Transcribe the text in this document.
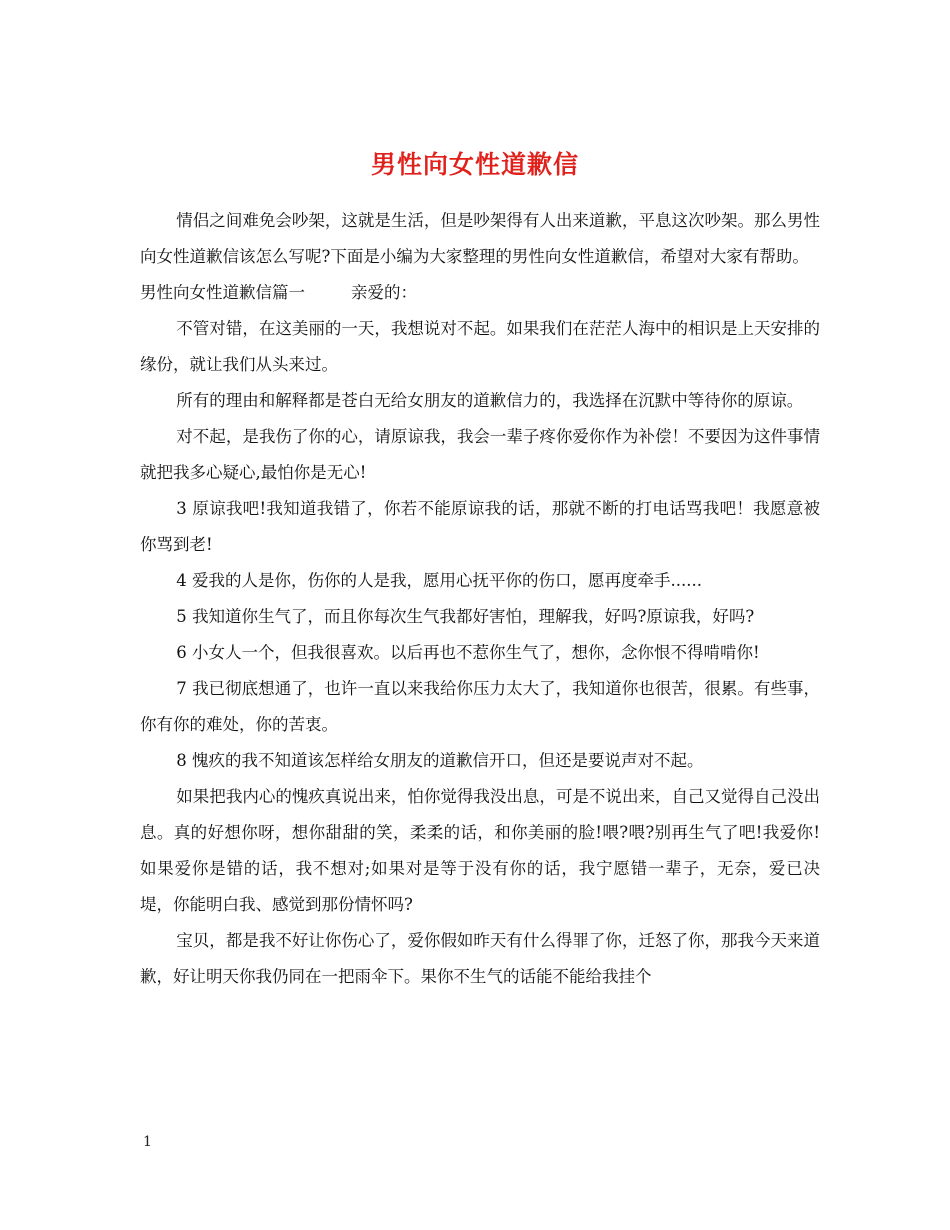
男性向女性道歉信

情侣之间难免会吵架，这就是生活，但是吵架得有人出来道歉，平息这次吵架。那么男性向女性道歉信该怎么写呢?下面是小编为大家整理的男性向女性道歉信，希望对大家有帮助。

男性向女性道歉信篇一	亲爱的：

不管对错，在这美丽的一天，我想说对不起。如果我们在茫茫人海中的相识是上天安排的缘份，就让我们从头来过。

所有的理由和解释都是苍白无给女朋友的道歉信力的，我选择在沉默中等待你的原谅。

对不起，是我伤了你的心，请原谅我，我会一辈子疼你爱你作为补偿！不要因为这件事情就把我多心疑心,最怕你是无心!

3 原谅我吧!我知道我错了，你若不能原谅我的话，那就不断的打电话骂我吧！我愿意被你骂到老!

4 爱我的人是你，伤你的人是我，愿用心抚平你的伤口，愿再度牵手......

5 我知道你生气了，而且你每次生气我都好害怕，理解我，好吗?原谅我，好吗?

6 小女人一个，但我很喜欢。以后再也不惹你生气了，想你，念你恨不得啃啃你!

7 我已彻底想通了，也许一直以来我给你压力太大了，我知道你也很苦，很累。有些事，你有你的难处，你的苦衷。

8 愧疚的我不知道该怎样给女朋友的道歉信开口，但还是要说声对不起。

如果把我内心的愧疚真说出来，怕你觉得我没出息，可是不说出来，自己又觉得自己没出息。真的好想你呀，想你甜甜的笑，柔柔的话，和你美丽的脸!喂?喂?别再生气了吧!我爱你!如果爱你是错的话，我不想对;如果对是等于没有你的话，我宁愿错一辈子，无奈，爱已决堤，你能明白我、感觉到那份情怀吗?

宝贝，都是我不好让你伤心了，爱你假如昨天有什么得罪了你，迁怒了你，那我今天来道歉，好让明天你我仍同在一把雨伞下。果你不生气的话能不能给我挂个

1
